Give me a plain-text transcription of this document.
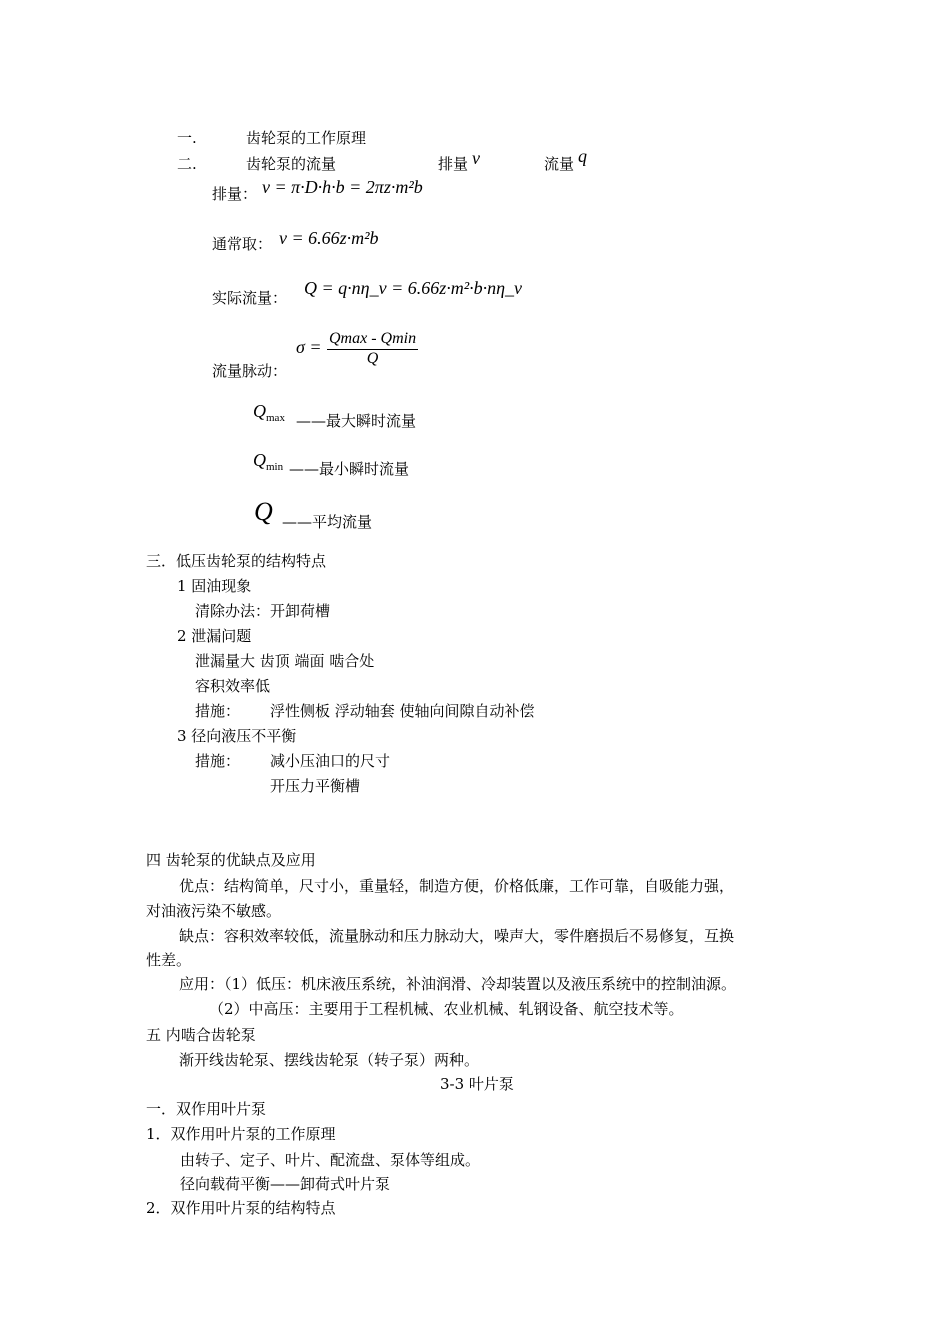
一.	齿轮泵的工作原理
二.	齿轮泵的流量	排量 v	流量 q
排量： v = π·D·h·b = 2πz·m²b
通常取： v = 6.66z·m²b
实际流量： Q = q·nη_v = 6.66z·m²·b·nη_v
σ = Qmax - Qmin
Q
流量脉动：
$Q_{max}$ ——最大瞬时流量
$Q_{min}$ ——最小瞬时流量
Q ——平均流量
三．低压齿轮泵的结构特点
1 固油现象
清除办法：开卸荷槽
2 泄漏问题
泄漏量大 齿顶 端面 啮合处
容积效率低
措施： 浮性侧板 浮动轴套 使轴向间隙自动补偿
3 径向液压不平衡
措施： 减小压油口的尺寸
开压力平衡槽
四 齿轮泵的优缺点及应用
优点：结构简单，尺寸小，重量轻，制造方便，价格低廉，工作可靠，自吸能力强，
对油液污染不敏感。
缺点：容积效率较低，流量脉动和压力脉动大，噪声大，零件磨损后不易修复，互换
性差。
应用：（1）低压：机床液压系统，补油润滑、冷却装置以及液压系统中的控制油源。
（2）中高压：主要用于工程机械、农业机械、轧钢设备、航空技术等。
五 内啮合齿轮泵
渐开线齿轮泵、摆线齿轮泵（转子泵）两种。
3-3 叶片泵
一．双作用叶片泵
1．双作用叶片泵的工作原理
由转子、定子、叶片、配流盘、泵体等组成。
径向载荷平衡——卸荷式叶片泵
2．双作用叶片泵的结构特点
